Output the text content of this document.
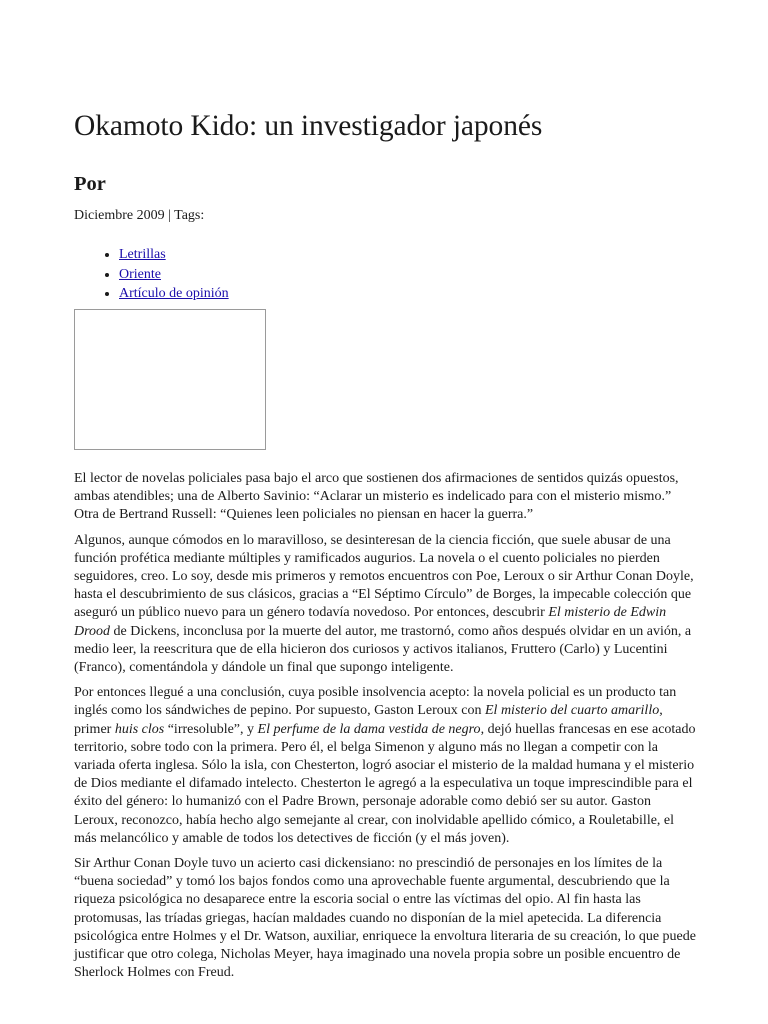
Okamoto Kido: un investigador japonés
Por

Diciembre 2009 | Tags:

• Letrillas
• Oriente
• Artículo de opinión

El lector de novelas policiales pasa bajo el arco que sostienen dos afirmaciones de sentidos quizás opuestos, ambas atendibles; una de Alberto Savinio: “Aclarar un misterio es indelicado para con el misterio mismo.” Otra de Bertrand Russell: “Quienes leen policiales no piensan en hacer la guerra.”

Algunos, aunque cómodos en lo maravilloso, se desinteresan de la ciencia ficción, que suele abusar de una función profética mediante múltiples y ramificados augurios. La novela o el cuento policiales no pierden seguidores, creo. Lo soy, desde mis primeros y remotos encuentros con Poe, Leroux o sir Arthur Conan Doyle, hasta el descubrimiento de sus clásicos, gracias a “El Séptimo Círculo” de Borges, la impecable colección que aseguró un público nuevo para un género todavía novedoso. Por entonces, descubrir El misterio de Edwin Drood de Dickens, inconclusa por la muerte del autor, me trastornó, como años después olvidar en un avión, a medio leer, la reescritura que de ella hicieron dos curiosos y activos italianos, Fruttero (Carlo) y Lucentini (Franco), comentándola y dándole un final que supongo inteligente.

Por entonces llegué a una conclusión, cuya posible insolvencia acepto: la novela policial es un producto tan inglés como los sándwiches de pepino. Por supuesto, Gaston Leroux con El misterio del cuarto amarillo, primer huis clos “irresoluble”, y El perfume de la dama vestida de negro, dejó huellas francesas en ese acotado territorio, sobre todo con la primera. Pero él, el belga Simenon y alguno más no llegan a competir con la variada oferta inglesa. Sólo la isla, con Chesterton, logró asociar el misterio de la maldad humana y el misterio de Dios mediante el difamado intelecto. Chesterton le agregó a la especulativa un toque imprescindible para el éxito del género: lo humanizó con el Padre Brown, personaje adorable como debió ser su autor. Gaston Leroux, reconozco, había hecho algo semejante al crear, con inolvidable apellido cómico, a Rouletabille, el más melancólico y amable de todos los detectives de ficción (y el más joven).

Sir Arthur Conan Doyle tuvo un acierto casi dickensiano: no prescindió de personajes en los límites de la “buena sociedad” y tomó los bajos fondos como una aprovechable fuente argumental, descubriendo que la riqueza psicológica no desaparece entre la escoria social o entre las víctimas del opio. Al fin hasta las protomusas, las tríadas griegas, hacían maldades cuando no disponían de la miel apetecida. La diferencia psicológica entre Holmes y el Dr. Watson, auxiliar, enriquece la envoltura literaria de su creación, lo que puede justificar que otro colega, Nicholas Meyer, haya imaginado una novela propia sobre un posible encuentro de Sherlock Holmes con Freud.
